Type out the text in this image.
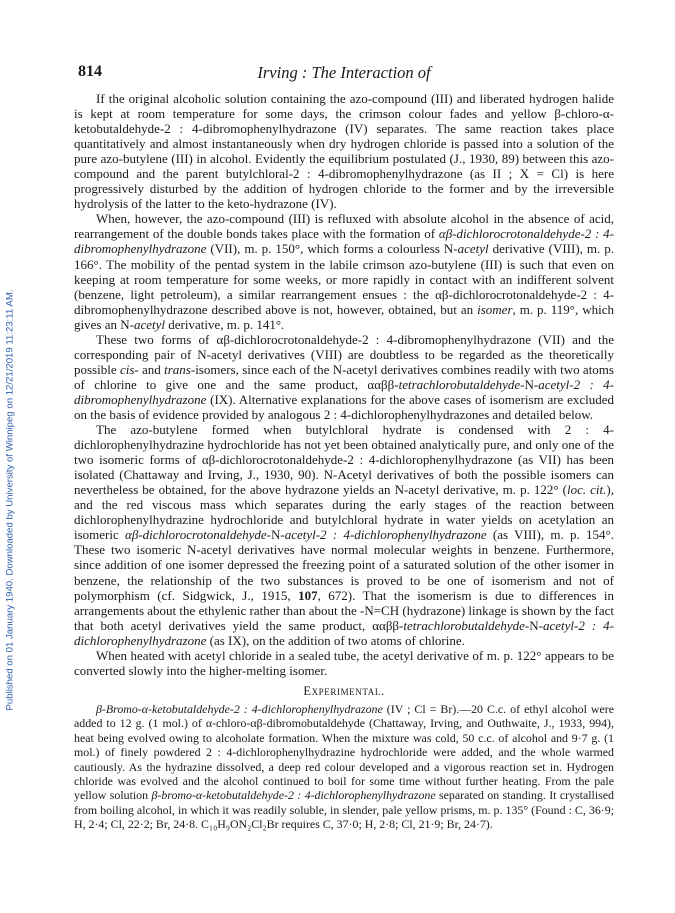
Published on 01 January 1940. Downloaded by University of Winnipeg on 12/21/2019 11:23:11 AM.
814	Irving : The Interaction of

If the original alcoholic solution containing the azo-compound (III) and liberated hydrogen halide is kept at room temperature for some days, the crimson colour fades and yellow β-chloro-α-ketobutaldehyde-2 : 4-dibromophenylhydrazone (IV) separates. The same reaction takes place quantitatively and almost instantaneously when dry hydrogen chloride is passed into a solution of the pure azo-butylene (III) in alcohol. Evidently the equilibrium postulated (J., 1930, 89) between this azo-compound and the parent butylchloral-2 : 4-dibromophenylhydrazone (as II ; X = Cl) is here progressively disturbed by the addition of hydrogen chloride to the former and by the irreversible hydrolysis of the latter to the keto-hydrazone (IV).

When, however, the azo-compound (III) is refluxed with absolute alcohol in the absence of acid, rearrangement of the double bonds takes place with the formation of αβ-dichlorocrotonaldehyde-2 : 4-dibromophenylhydrazone (VII), m. p. 150°, which forms a colourless N-acetyl derivative (VIII), m. p. 166°. The mobility of the pentad system in the labile crimson azo-butylene (III) is such that even on keeping at room temperature for some weeks, or more rapidly in contact with an indifferent solvent (benzene, light petroleum), a similar rearrangement ensues : the αβ-dichlorocrotonaldehyde-2 : 4-dibromophenylhydrazone described above is not, however, obtained, but an isomer, m. p. 119°, which gives an N-acetyl derivative, m. p. 141°.

These two forms of αβ-dichlorocrotonaldehyde-2 : 4-dibromophenylhydrazone (VII) and the corresponding pair of N-acetyl derivatives (VIII) are doubtless to be regarded as the theoretically possible cis- and trans-isomers, since each of the N-acetyl derivatives combines readily with two atoms of chlorine to give one and the same product, ααββ-tetrachlorobutaldehyde-N-acetyl-2 : 4-dibromophenylhydrazone (IX). Alternative explanations for the above cases of isomerism are excluded on the basis of evidence provided by analogous 2 : 4-dichlorophenylhydrazones and detailed below.

The azo-butylene formed when butylchloral hydrate is condensed with 2 : 4-dichlorophenylhydrazine hydrochloride has not yet been obtained analytically pure, and only one of the two isomeric forms of αβ-dichlorocrotonaldehyde-2 : 4-dichlorophenylhydrazone (as VII) has been isolated (Chattaway and Irving, J., 1930, 90). N-Acetyl derivatives of both the possible isomers can nevertheless be obtained, for the above hydrazone yields an N-acetyl derivative, m. p. 122° (loc. cit.), and the red viscous mass which separates during the early stages of the reaction between dichlorophenylhydrazine hydrochloride and butylchloral hydrate in water yields on acetylation an isomeric αβ-dichlorocrotonaldehyde-N-acetyl-2 : 4-dichlorophenylhydrazone (as VIII), m. p. 154°. These two isomeric N-acetyl derivatives have normal molecular weights in benzene. Furthermore, since addition of one isomer depressed the freezing point of a saturated solution of the other isomer in benzene, the relationship of the two substances is proved to be one of isomerism and not of polymorphism (cf. Sidgwick, J., 1915, 107, 672). That the isomerism is due to differences in arrangements about the ethylenic rather than about the -N=CH (hydrazone) linkage is shown by the fact that both acetyl derivatives yield the same product, ααββ-tetrachlorobutaldehyde-N-acetyl-2 : 4-dichlorophenylhydrazone (as IX), on the addition of two atoms of chlorine.

When heated with acetyl chloride in a sealed tube, the acetyl derivative of m. p. 122° appears to be converted slowly into the higher-melting isomer.

Experimental.

β-Bromo-α-ketobutaldehyde-2 : 4-dichlorophenylhydrazone (IV ; Cl = Br).—20 C.c. of ethyl alcohol were added to 12 g. (1 mol.) of α-chloro-αβ-dibromobutaldehyde (Chattaway, Irving, and Outhwaite, J., 1933, 994), heat being evolved owing to alcoholate formation. When the mixture was cold, 50 c.c. of alcohol and 9·7 g. (1 mol.) of finely powdered 2 : 4-dichlorophenylhydrazine hydrochloride were added, and the whole warmed cautiously. As the hydrazine dissolved, a deep red colour developed and a vigorous reaction set in. Hydrogen chloride was evolved and the alcohol continued to boil for some time without further heating. From the pale yellow solution β-bromo-α-ketobutaldehyde-2 : 4-dichlorophenylhydrazone separated on standing. It crystallised from boiling alcohol, in which it was readily soluble, in slender, pale yellow prisms, m. p. 135° (Found : C, 36·9; H, 2·4; Cl, 22·2; Br, 24·8. C₁₀H₉ON₂Cl₂Br requires C, 37·0; H, 2·8; Cl, 21·9; Br, 24·7).
